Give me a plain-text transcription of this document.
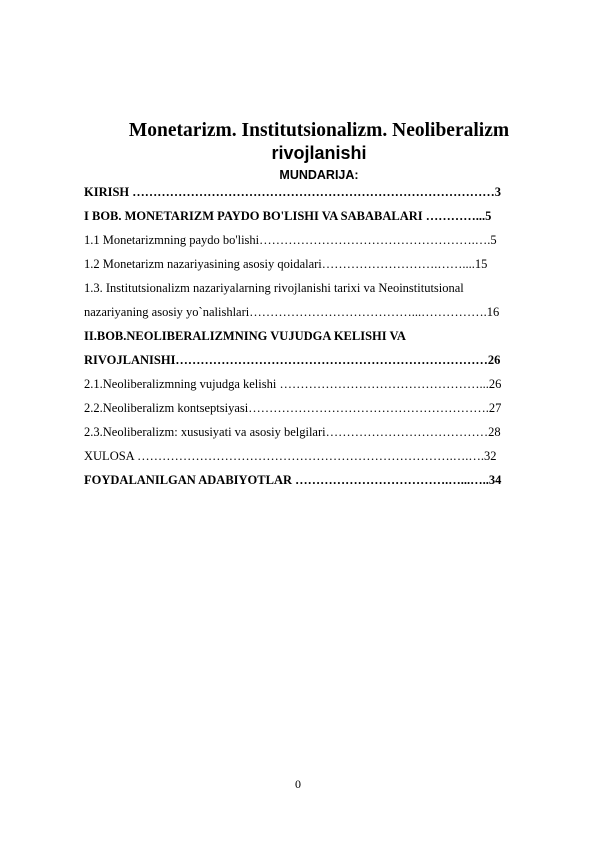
Monetarizm. Institutsionalizm. Neoliberalizm
rivojlanishi
MUNDARIJA:
KIRISH ……………………………………………………………………………3
I BOB. MONETARIZM PAYDO BO'LISHI VA SABABALARI …………...5
1.1 Monetarizmning paydo bo'lishi…………………………………………….….5
1.2 Monetarizm nazariyasining asosiy qoidalari……………………….……....15
1.3. Institutsionalizm nazariyalarning rivojlanishi tarixi va Neoinstitutsional
nazariyaning asosiy yo`nalishlari…………………………………...…………….16
II.BOB.NEOLIBERALIZMNING VUJUDGA KELISHI VA
RIVOJLANISHI…………………………………………………………………26
2.1.Neoliberalizmning vujudga kelishi …………………………………………...26
2.2.Neoliberalizm kontseptsiyasi………………………………………………….27
2.3.Neoliberalizm: xususiyati va asosiy belgilari…………………………………28
XULOSA ………………………………………………………………….….….32
FOYDALANILGAN ADABIYOTLAR ……………………………….…...…..34
0
